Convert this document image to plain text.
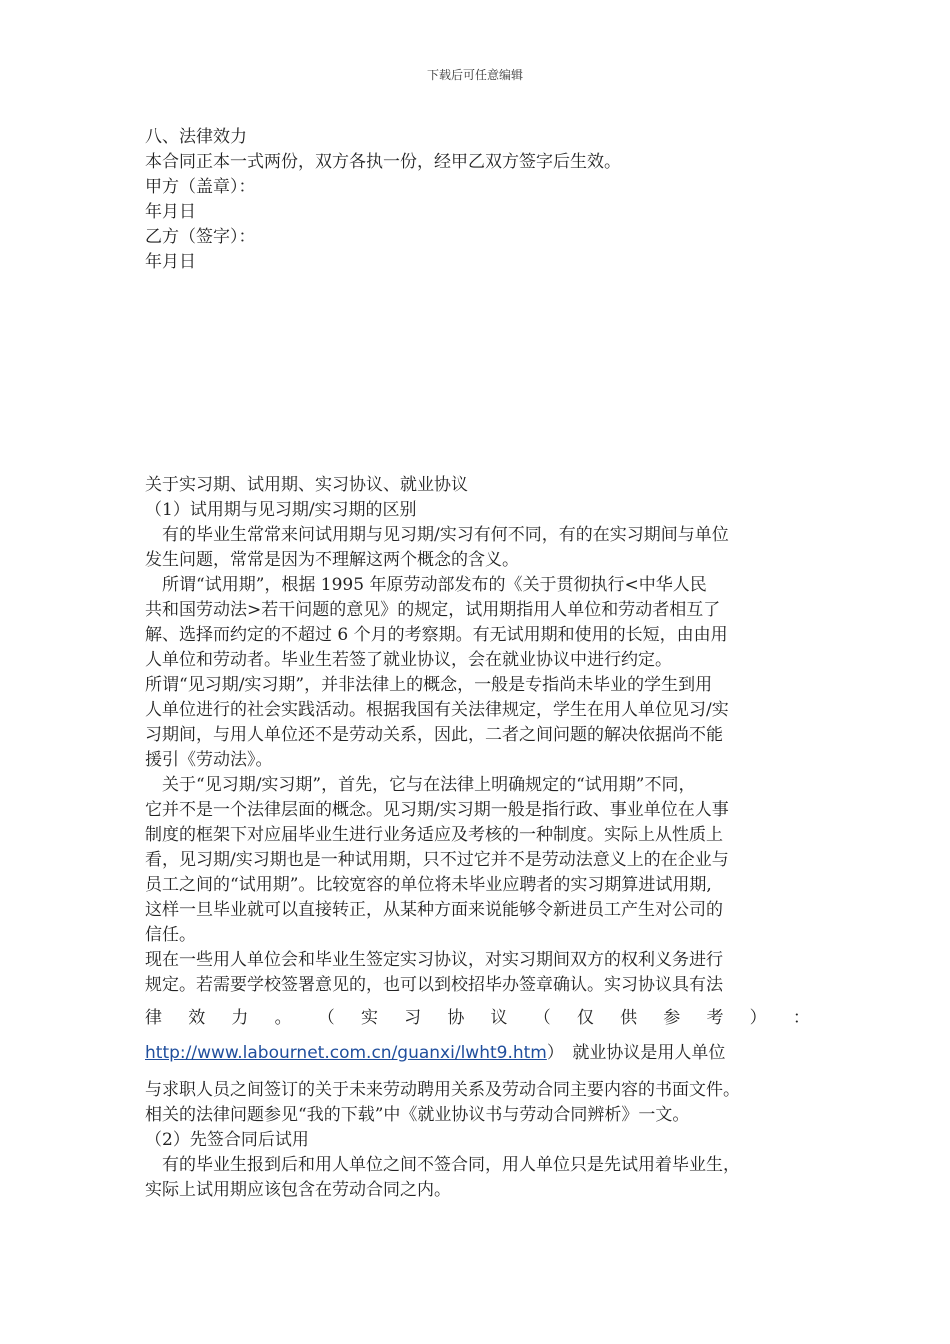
下载后可任意编辑
八、法律效力
本合同正本一式两份，双方各执一份，经甲乙双方签字后生效。
甲方（盖章）：
年月日
乙方（签字）：
年月日
关于实习期、试用期、实习协议、就业协议
（1）试用期与见习期/实习期的区别
　有的毕业生常常来问试用期与见习期/实习有何不同，有的在实习期间与单位
发生问题，常常是因为不理解这两个概念的含义。
　所谓“试用期”，根据 1995 年原劳动部发布的《关于贯彻执行<中华人民
共和国劳动法>若干问题的意见》的规定，试用期指用人单位和劳动者相互了
解、选择而约定的不超过 6 个月的考察期。有无试用期和使用的长短，由由用
人单位和劳动者。毕业生若签了就业协议，会在就业协议中进行约定。
所谓“见习期/实习期”，并非法律上的概念，一般是专指尚未毕业的学生到用
人单位进行的社会实践活动。根据我国有关法律规定，学生在用人单位见习/实
习期间，与用人单位还不是劳动关系，因此，二者之间问题的解决依据尚不能
援引《劳动法》。
　关于“见习期/实习期”，首先，它与在法律上明确规定的“试用期”不同，
它并不是一个法律层面的概念。见习期/实习期一般是指行政、事业单位在人事
制度的框架下对应届毕业生进行业务适应及考核的一种制度。实际上从性质上
看，见习期/实习期也是一种试用期，只不过它并不是劳动法意义上的在企业与
员工之间的“试用期”。比较宽容的单位将未毕业应聘者的实习期算进试用期,
这样一旦毕业就可以直接转正，从某种方面来说能够令新进员工产生对公司的
信任。
现在一些用人单位会和毕业生签定实习协议，对实习期间双方的权利义务进行
规定。若需要学校签署意见的，也可以到校招毕办签章确认。实习协议具有法
律 效 力 。 （ 实 习 协 议 （ 仅 供 参 考 ） ：
http://www.labournet.com.cn/guanxi/lwht9.htm）　就业协议是用人单位
与求职人员之间签订的关于未来劳动聘用关系及劳动合同主要内容的书面文件。
相关的法律问题参见“我的下载”中《就业协议书与劳动合同辨析》一文。
（2）先签合同后试用
　有的毕业生报到后和用人单位之间不签合同，用人单位只是先试用着毕业生，
实际上试用期应该包含在劳动合同之内。
